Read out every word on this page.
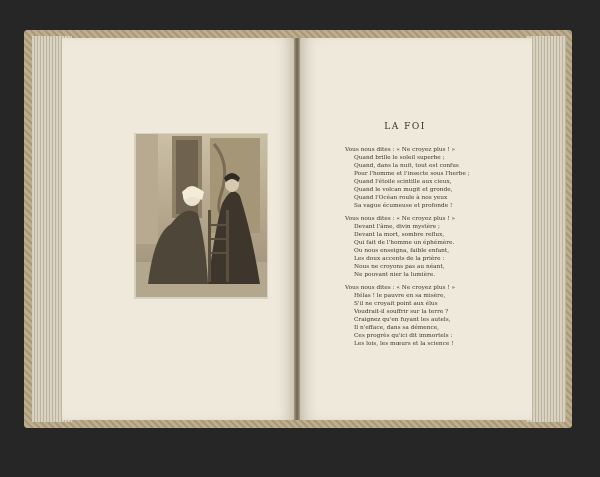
LA FOI
Vous nous dites : « Ne croyez plus ! »
Quand brille le soleil superbe ;
Quand, dans la nuit, tout est confus
Pour l'homme et l'insecte sous l'herbe ;
Quand l'étoile scintille aux cieux,
Quand le volcan mugit et gronde,
Quand l'Océan roule à nos yeux
Sa vague écumeuse et profonde !
Vous nous dites : « Ne croyez plus ! »
Devant l'âme, divin mystère ;
Devant la mort, sombre reflux,
Qui fait de l'homme un éphémère.
Ou nous enseigna, faible enfant,
Les doux accents de la prière :
Nous ne croyons pas au néant,
Ne pouvant nier la lumière.
Vous nous dites : « Ne croyez plus ! »
Hélas ! le pauvre en sa misère,
S'il ne croyait point aux élus
Voudrait-il souffrir sur la terre ?
Craignez qu'en fuyant les autels,
Il n'efface, dans sa démence,
Ces progrès qu'ici dit immortels :
Les lois, les mœurs et la science !
